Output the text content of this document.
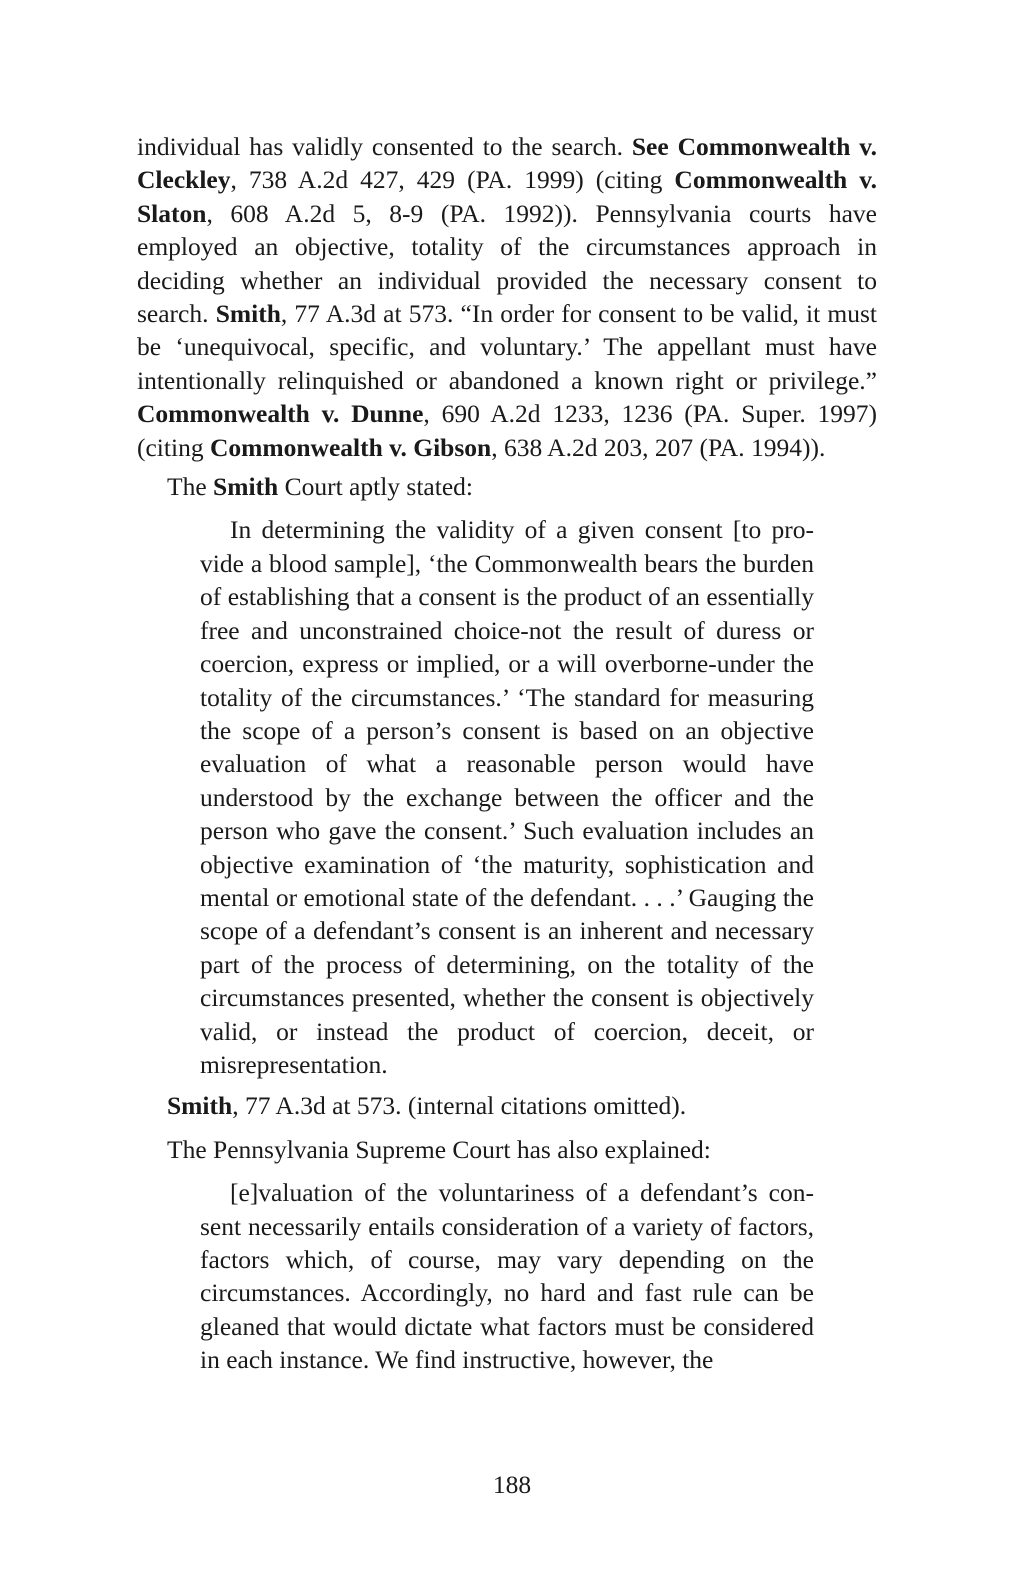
individual has validly consented to the search. See Commonwealth v. Cleckley, 738 A.2d 427, 429 (PA. 1999) (citing Commonwealth v. Slaton, 608 A.2d 5, 8-9 (PA. 1992)). Pennsylvania courts have employed an objective, totality of the circumstances approach in deciding whether an individual provided the necessary consent to search. Smith, 77 A.3d at 573. “In order for consent to be valid, it must be ‘unequivocal, specific, and voluntary.’ The appellant must have intentionally relinquished or abandoned a known right or privilege.” Commonwealth v. Dunne, 690 A.2d 1233, 1236 (PA. Super. 1997) (citing Commonwealth v. Gibson, 638 A.2d 203, 207 (PA. 1994)).

The Smith Court aptly stated:

In determining the validity of a given consent [to provide a blood sample], ‘the Commonwealth bears the burden of establishing that a consent is the product of an essentially free and unconstrained choice-not the result of duress or coercion, express or implied, or a will overborne-under the totality of the circumstances.’ ‘The standard for measuring the scope of a person’s consent is based on an objective evaluation of what a reasonable person would have understood by the exchange between the officer and the person who gave the consent.’ Such evaluation includes an objective examination of ‘the maturity, sophistication and mental or emotional state of the defendant. . . .’ Gauging the scope of a defendant’s consent is an inherent and necessary part of the process of determining, on the totality of the circumstances presented, whether the consent is objectively valid, or instead the product of coercion, deceit, or misrepresentation.

Smith, 77 A.3d at 573. (internal citations omitted).

The Pennsylvania Supreme Court has also explained:

[e]valuation of the voluntariness of a defendant’s consent necessarily entails consideration of a variety of factors, factors which, of course, may vary depending on the circumstances. Accordingly, no hard and fast rule can be gleaned that would dictate what factors must be considered in each instance. We find instructive, however, the

188
